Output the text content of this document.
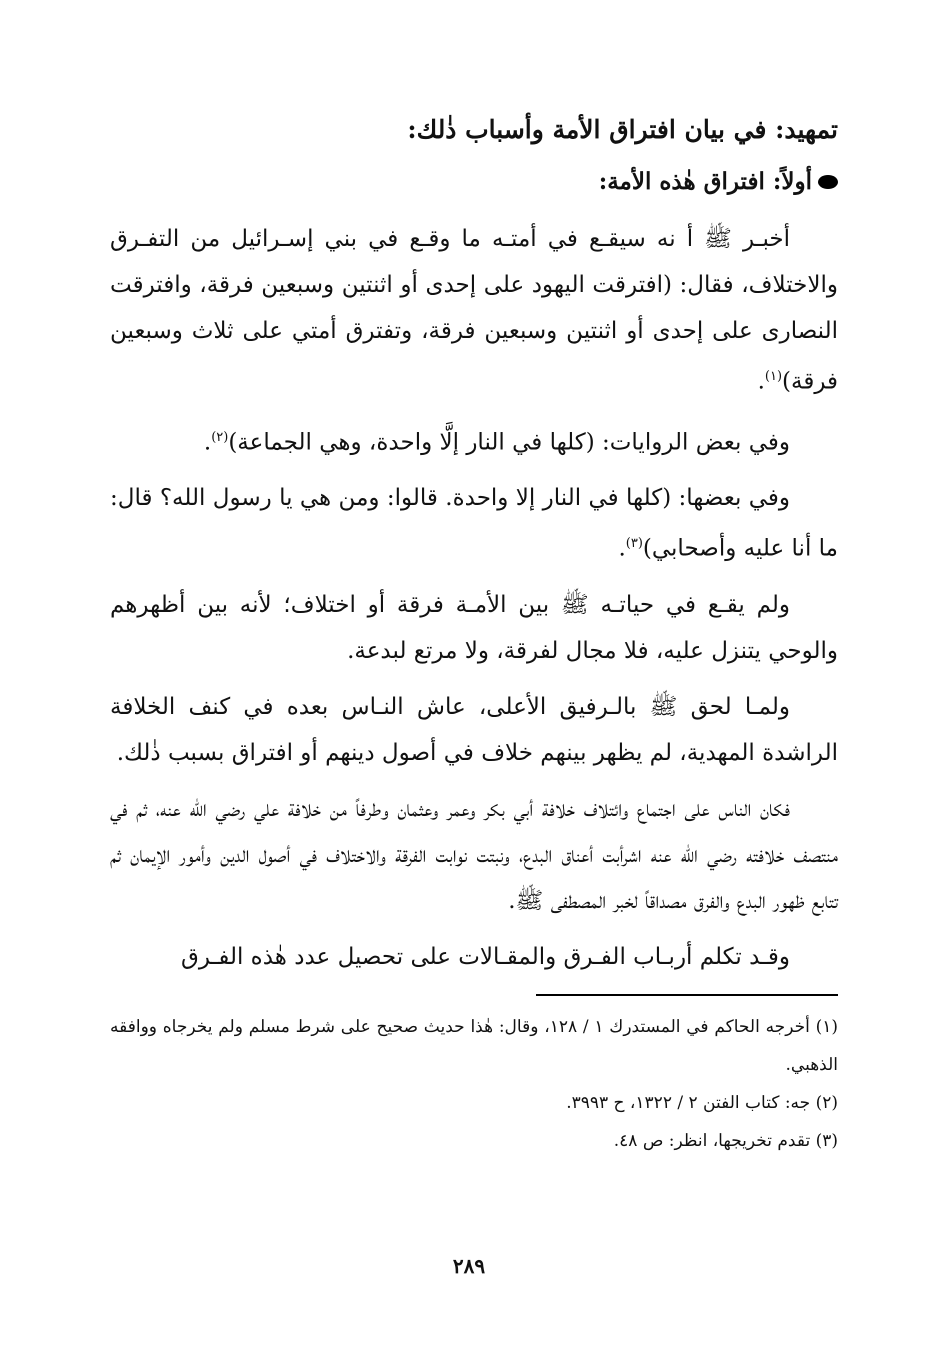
تمهيد: في بيان افتراق الأمة وأسباب ذٰلك:
أولاً: افتراق هٰذه الأمة:

أخبـر ﷺ أ نه سيقـع في أمتـه ما وقـع في بني إسـرائيل من التفـرق والاختلاف، فقال: (افترقت اليهود على إحدى أو اثنتين وسبعين فرقة، وافترقت النصارى على إحدى أو اثنتين وسبعين فرقة، وتفترق أمتي على ثلاث وسبعين فرقة)$^{(١)}$.

وفي بعض الروايات: (كلها في النار إلَّا واحدة، وهي الجماعة)$^{(٢)}$.

وفي بعضها: (كلها في النار إلا واحدة. قالوا: ومن هي يا رسول الله؟ قال: ما أنا عليه وأصحابي)$^{(٣)}$.

ولم يقـع في حياتـه ﷺ بين الأمـة فرقة أو اختلاف؛ لأنه بين أظهرهم والوحي يتنزل عليه، فلا مجال لفرقة، ولا مرتع لبدعة.

ولمـا لحق ﷺ بالـرفيق الأعلى، عاش النـاس بعده في كنف الخلافة الراشدة المهدية، لم يظهر بينهم خلاف في أصول دينهم أو افتراق بسبب ذٰلك.

فكان الناس على اجتماع وائتلاف خلافة أبي بكر وعمر وعثمان وطرفاً من خلافة علي رضي الله عنه، ثم في منتصف خلافته رضي الله عنه اشرأبت أعناق البدع، ونبتت نوابت الفرقة والاختلاف في أصول الدين وأمور الإيمان ثم تتابع ظهور البدع والفرق مصداقاً لخبر المصطفى ﷺ.

وقـد تكلم أربـاب الفـرق والمقـالات على تحصيل عدد هٰذه الفـرق

(١) أخرجه الحاكم في المستدرك ١ / ١٢٨، وقال: هٰذا حديث صحيح على شرط مسلم ولم يخرجاه ووافقه الذهبي.

(٢) جه: كتاب الفتن ٢ / ١٣٢٢، ح ٣٩٩٣.

(٣) تقدم تخريجها، انظر: ص ٤٨.

٢٨٩
